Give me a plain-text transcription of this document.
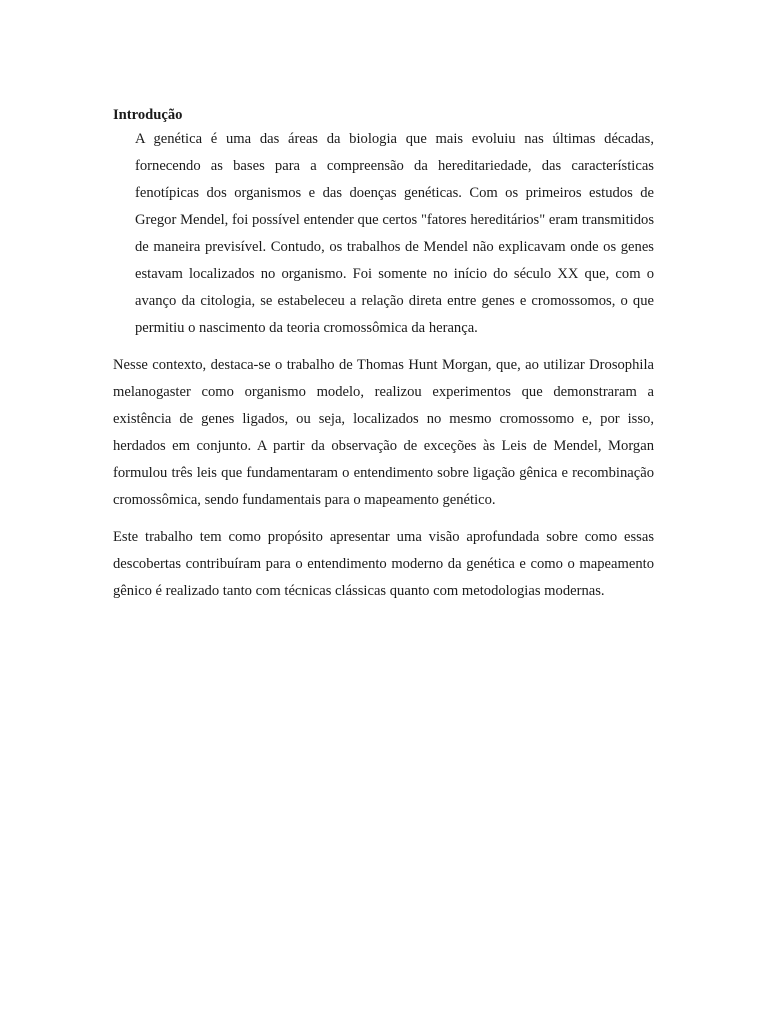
Introdução

A genética é uma das áreas da biologia que mais evoluiu nas últimas décadas, fornecendo as bases para a compreensão da hereditariedade, das características fenotípicas dos organismos e das doenças genéticas. Com os primeiros estudos de Gregor Mendel, foi possível entender que certos "fatores hereditários" eram transmitidos de maneira previsível. Contudo, os trabalhos de Mendel não explicavam onde os genes estavam localizados no organismo. Foi somente no início do século XX que, com o avanço da citologia, se estabeleceu a relação direta entre genes e cromossomos, o que permitiu o nascimento da teoria cromossômica da herança.

Nesse contexto, destaca-se o trabalho de Thomas Hunt Morgan, que, ao utilizar Drosophila melanogaster como organismo modelo, realizou experimentos que demonstraram a existência de genes ligados, ou seja, localizados no mesmo cromossomo e, por isso, herdados em conjunto. A partir da observação de exceções às Leis de Mendel, Morgan formulou três leis que fundamentaram o entendimento sobre ligação gênica e recombinação cromossômica, sendo fundamentais para o mapeamento genético.

Este trabalho tem como propósito apresentar uma visão aprofundada sobre como essas descobertas contribuíram para o entendimento moderno da genética e como o mapeamento gênico é realizado tanto com técnicas clássicas quanto com metodologias modernas.
